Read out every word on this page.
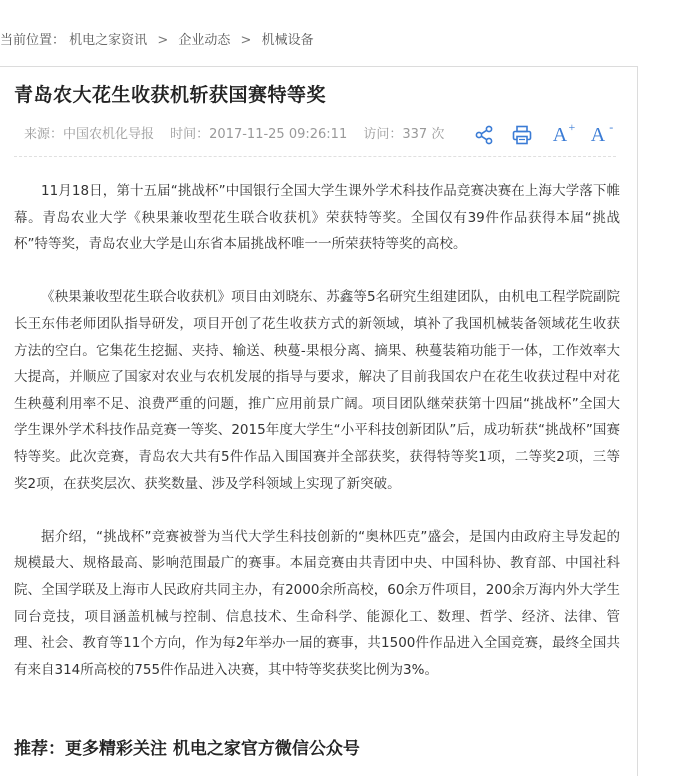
当前位置： 机电之家资讯 > 企业动态 > 机械设备
青岛农大花生收获机斩获国赛特等奖
来源：中国农机化导报 时间：2017-11-25 09:26:11 访问：337 次	A + A -

11月18日，第十五届“挑战杯”中国银行全国大学生课外学术科技作品竞赛决赛在上海大学落下帷幕。青岛农业大学《秧果兼收型花生联合收获机》荣获特等奖。全国仅有39件作品获得本届“挑战杯”特等奖，青岛农业大学是山东省本届挑战杯唯一一所荣获特等奖的高校。

《秧果兼收型花生联合收获机》项目由刘晓东、苏鑫等5名研究生组建团队，由机电工程学院副院长王东伟老师团队指导研发，项目开创了花生收获方式的新领域，填补了我国机械装备领域花生收获方法的空白。它集花生挖掘、夹持、输送、秧蔓-果根分离、摘果、秧蔓装箱功能于一体，工作效率大大提高，并顺应了国家对农业与农机发展的指导与要求，解决了目前我国农户在花生收获过程中对花生秧蔓利用率不足、浪费严重的问题，推广应用前景广阔。项目团队继荣获第十四届“挑战杯”全国大学生课外学术科技作品竞赛一等奖、2015年度大学生“小平科技创新团队”后，成功斩获“挑战杯”国赛特等奖。此次竞赛，青岛农大共有5件作品入围国赛并全部获奖，获得特等奖1项，二等奖2项，三等奖2项，在获奖层次、获奖数量、涉及学科领域上实现了新突破。

据介绍，“挑战杯”竞赛被誉为当代大学生科技创新的“奥林匹克”盛会，是国内由政府主导发起的规模最大、规格最高、影响范围最广的赛事。本届竞赛由共青团中央、中国科协、教育部、中国社科院、全国学联及上海市人民政府共同主办，有2000余所高校，60余万件项目，200余万海内外大学生同台竞技，项目涵盖机械与控制、信息技术、生命科学、能源化工、数理、哲学、经济、法律、管理、社会、教育等11个方向，作为每2年举办一届的赛事，共1500件作品进入全国竞赛，最终全国共有来自314所高校的755件作品进入决赛，其中特等奖获奖比例为3%。

推荐：更多精彩关注 机电之家官方微信公众号
